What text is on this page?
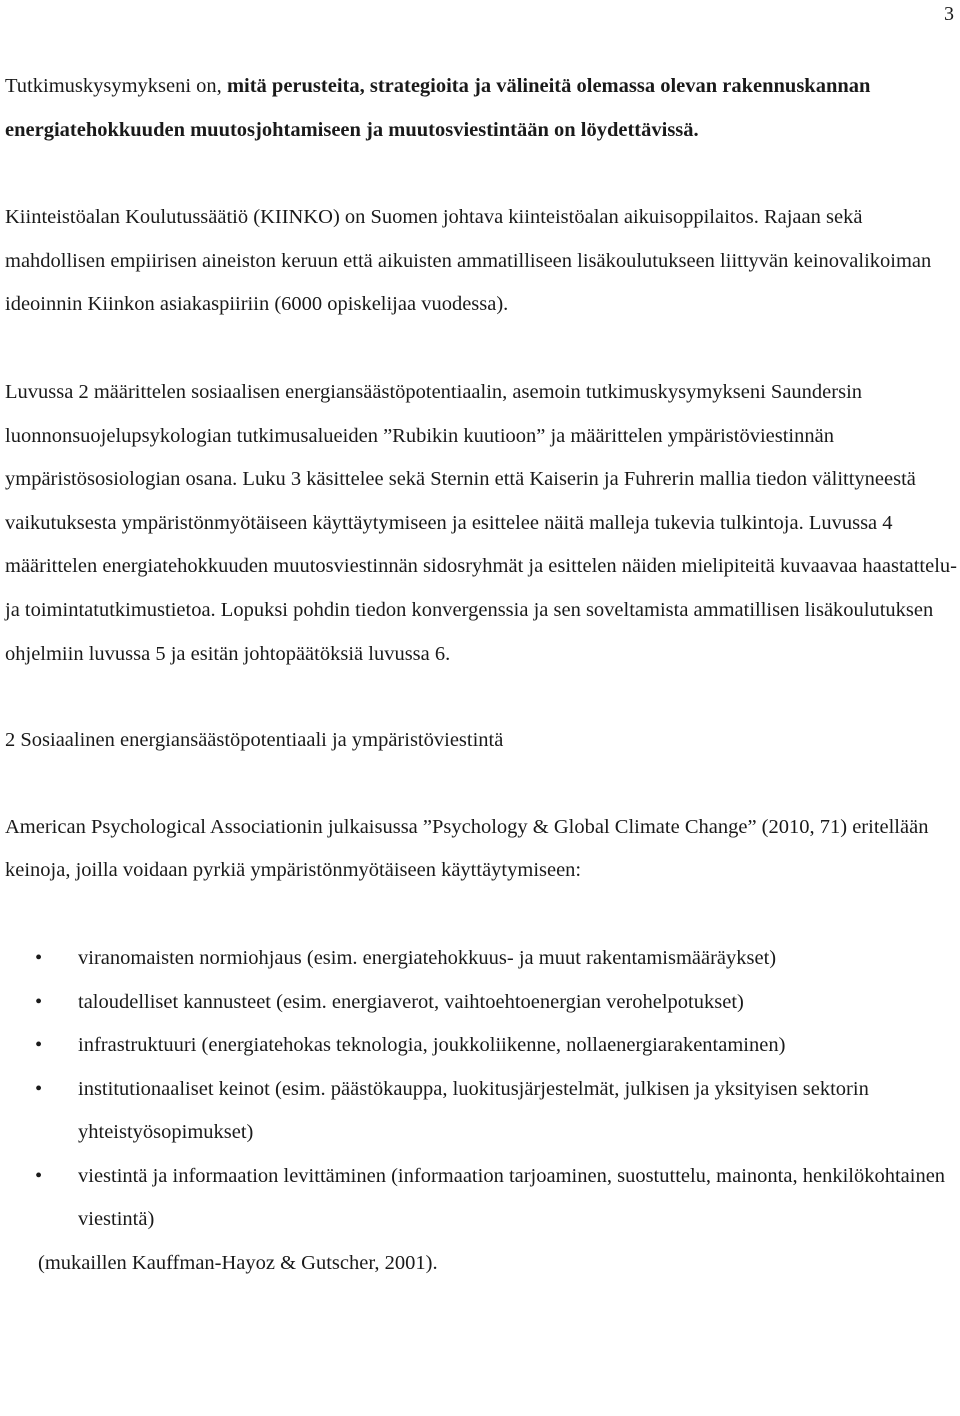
3

Tutkimuskysymykseni on, mitä perusteita, strategioita ja välineitä olemassa olevan rakennuskannan energiatehokkuuden muutosjohtamiseen ja muutosviestintään on löydettävissä.

Kiinteistöalan Koulutussäätiö (KIINKO) on Suomen johtava kiinteistöalan aikuisoppilaitos. Rajaan sekä mahdollisen empiirisen aineiston keruun että aikuisten ammatilliseen lisäkoulutukseen liittyvän keinovalikoiman ideoinnin Kiinkon asiakaspiiriin (6000 opiskelijaa vuodessa).

Luvussa 2 määrittelen sosiaalisen energiansäästöpotentiaalin, asemoin tutkimuskysymykseni Saundersin luonnonsuojelupsykologian tutkimusalueiden ”Rubikin kuutioon” ja määrittelen ympäristöviestinnän ympäristösosiologian osana. Luku 3 käsittelee sekä Sternin että Kaiserin ja Fuhrerin mallia tiedon välittyneestä vaikutuksesta ympäristönmyötäiseen käyttäytymiseen ja esittelee näitä malleja tukevia tulkintoja. Luvussa 4 määrittelen energiatehokkuuden muutosviestinnän sidosryhmät ja esittelen näiden mielipiteitä kuvaavaa haastattelu- ja toimintatutkimustietoa. Lopuksi pohdin tiedon konvergenssia ja sen soveltamista ammatillisen lisäkoulutuksen ohjelmiin luvussa 5 ja esitän johtopäätöksiä luvussa 6.

2 Sosiaalinen energiansäästöpotentiaali ja ympäristöviestintä

American Psychological Associationin julkaisussa ”Psychology & Global Climate Change” (2010, 71) eritellään keinoja, joilla voidaan pyrkiä ympäristönmyötäiseen käyttäytymiseen:

• viranomaisten normiohjaus (esim. energiatehokkuus- ja muut rakentamismääräykset)
• taloudelliset kannusteet (esim. energiaverot, vaihtoehtoenergian verohelpotukset)
• infrastruktuuri (energiatehokas teknologia, joukkoliikenne, nollaenergiarakentaminen)
• institutionaaliset keinot (esim. päästökauppa, luokitusjärjestelmät, julkisen ja yksityisen sektorin yhteistyösopimukset)
• viestintä ja informaation levittäminen (informaation tarjoaminen, suostuttelu, mainonta, henkilökohtainen viestintä)

(mukaillen Kauffman-Hayoz & Gutscher, 2001).
